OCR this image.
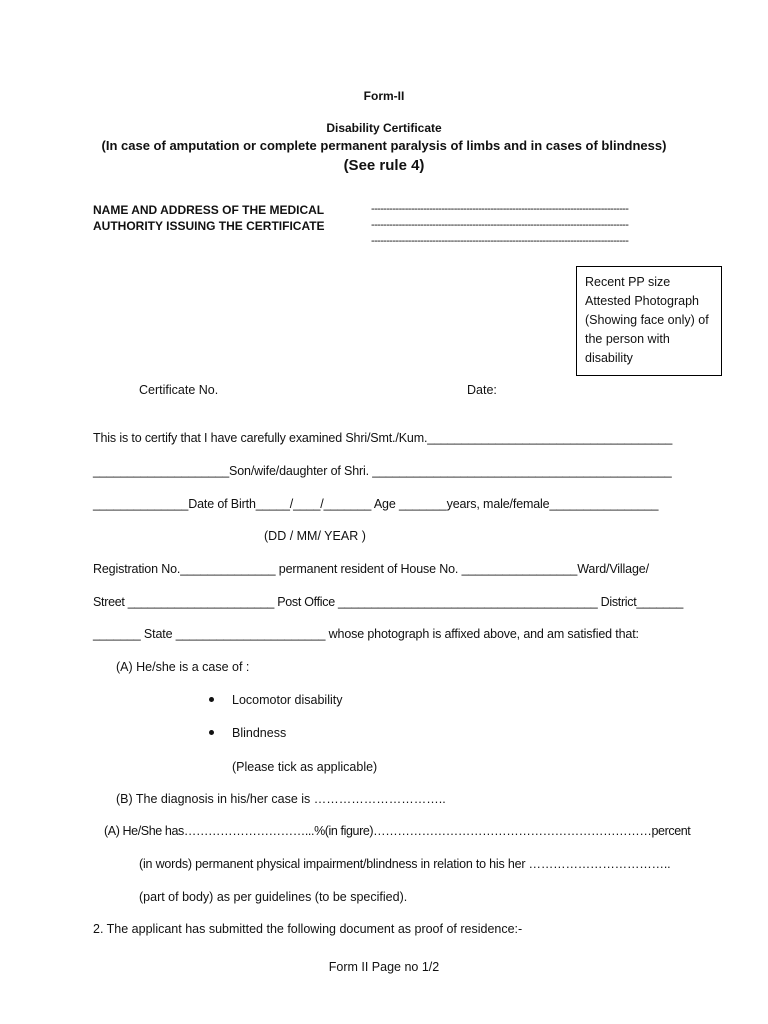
Form-II
Disability Certificate
(In case of amputation or complete permanent paralysis of limbs and in cases of blindness)
(See rule 4)
NAME AND ADDRESS OF THE MEDICAL
AUTHORITY ISSUING THE CERTIFICATE
------------------------------------------------------------------------------------
------------------------------------------------------------------------------------
------------------------------------------------------------------------------------
Recent PP size
Attested Photograph
(Showing face only) of
the person with
disability
Certificate No.	Date:
This is to certify that I have carefully examined Shri/Smt./Kum.____________________________________
____________________Son/wife/daughter of Shri. ____________________________________________
______________Date of Birth_____/____/_______ Age _______years, male/female________________
(DD / MM/ YEAR )
Registration No.______________ permanent resident of House No. _________________Ward/Village/
Street ______________________ Post Office _______________________________________ District_______
_______ State ______________________ whose photograph is affixed above, and am satisfied that:
(A) He/she is a case of :
Locomotor disability
Blindness
(Please tick as applicable)
(B) The diagnosis in his/her case is …………………………..
(A) He/She has…………………………...%(in figure)……………………………………………………………percent
(in words) permanent physical impairment/blindness in relation to his her ……………………………..
(part of body) as per guidelines (to be specified).
2. The applicant has submitted the following document as proof of residence:-
Form II Page no 1/2
